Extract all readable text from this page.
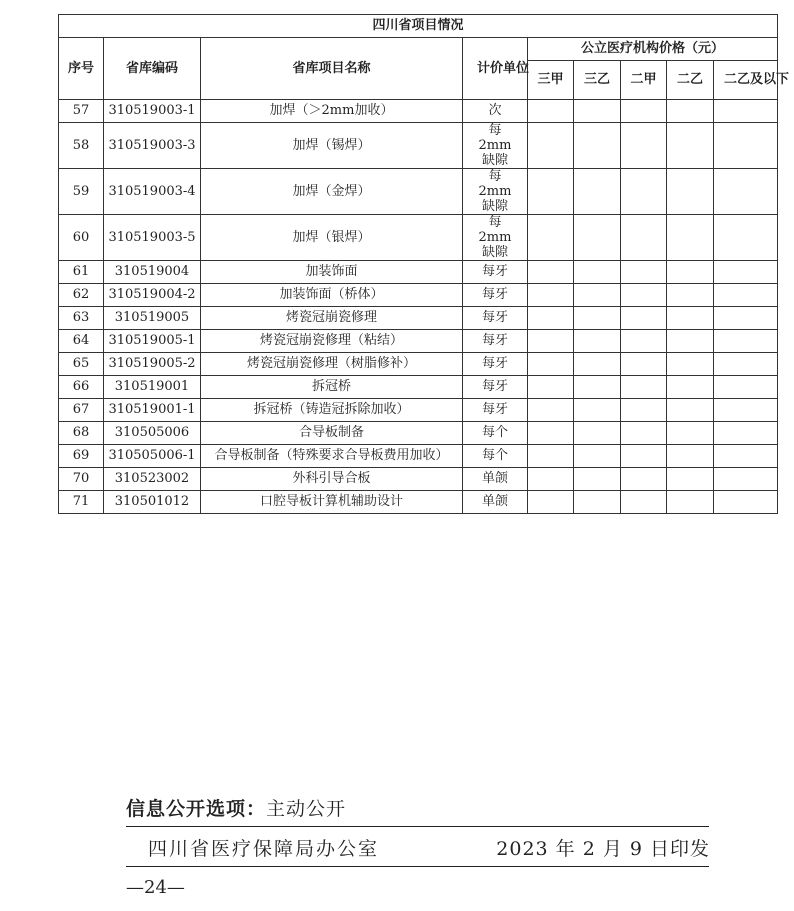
四川省项目情况								
序号	省库编码	省库项目名称	计价单位	公立医疗机构价格（元）				
				三甲	三乙	二甲	二乙	二乙及以下
57	310519003-1	加焊（＞2mm加收）	次					
58	310519003-3	加焊（锡焊）	每2mm缺隙					
59	310519003-4	加焊（金焊）	每2mm缺隙					
60	310519003-5	加焊（银焊）	每2mm缺隙					
61	310519004	加装饰面	每牙					
62	310519004-2	加装饰面（桥体）	每牙					
63	310519005	烤瓷冠崩瓷修理	每牙					
64	310519005-1	烤瓷冠崩瓷修理（粘结）	每牙					
65	310519005-2	烤瓷冠崩瓷修理（树脂修补）	每牙					
66	310519001	拆冠桥	每牙					
67	310519001-1	拆冠桥（铸造冠拆除加收）	每牙					
68	310505006	合导板制备	每个					
69	310505006-1	合导板制备（特殊要求合导板费用加收）	每个					
70	310523002	外科引导合板	单颌					
71	310501012	口腔导板计算机辅助设计	单颌					
信息公开选项：主动公开
四川省医疗保障局办公室	2023 年 2 月 9 日印发
—24—
